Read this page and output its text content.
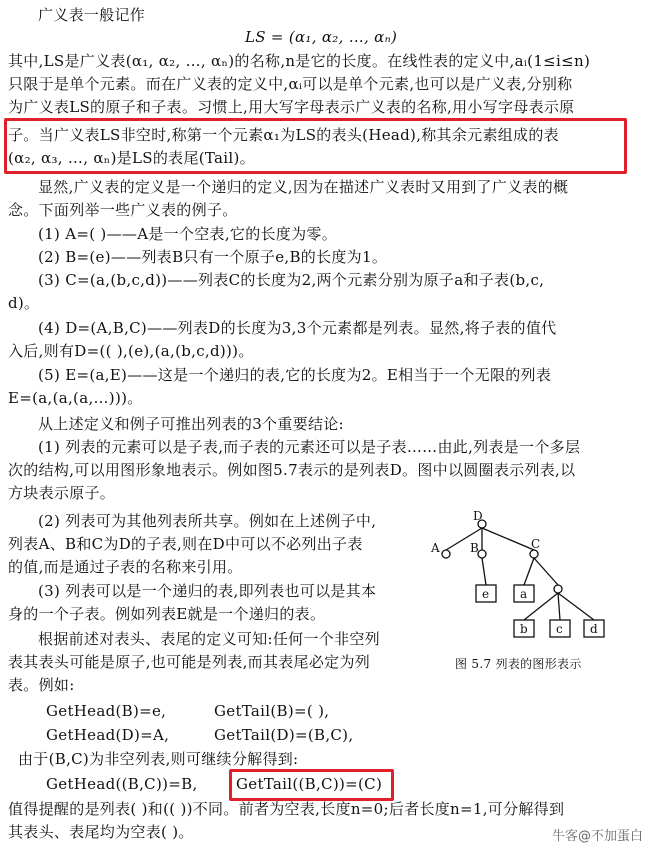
广义表一般记作
LS = (α₁, α₂, …, αₙ)
其中,LS是广义表(α₁, α₂, …, αₙ)的名称,n是它的长度。在线性表的定义中,aᵢ(1≤i≤n)
只限于是单个元素。而在广义表的定义中,αᵢ可以是单个元素,也可以是广义表,分别称
为广义表LS的原子和子表。习惯上,用大写字母表示广义表的名称,用小写字母表示原
子。当广义表LS非空时,称第一个元素α₁为LS的表头(Head),称其余元素组成的表
(α₂, α₃, …, αₙ)是LS的表尾(Tail)。
显然,广义表的定义是一个递归的定义,因为在描述广义表时又用到了广义表的概
念。下面列举一些广义表的例子。
(1) A=( )——A是一个空表,它的长度为零。
(2) B=(e)——列表B只有一个原子e,B的长度为1。
(3) C=(a,(b,c,d))——列表C的长度为2,两个元素分别为原子a和子表(b,c,
d)。
(4) D=(A,B,C)——列表D的长度为3,3个元素都是列表。显然,将子表的值代
入后,则有D=(( ),(e),(a,(b,c,d)))。
(5) E=(a,E)——这是一个递归的表,它的长度为2。E相当于一个无限的列表
E=(a,(a,(a,…)))。
从上述定义和例子可推出列表的3个重要结论:
(1) 列表的元素可以是子表,而子表的元素还可以是子表……由此,列表是一个多层
次的结构,可以用图形象地表示。例如图5.7表示的是列表D。图中以圆圈表示列表,以
方块表示原子。
(2) 列表可为其他列表所共享。例如在上述例子中,
列表A、B和C为D的子表,则在D中可以不必列出子表
的值,而是通过子表的名称来引用。
(3) 列表可以是一个递归的表,即列表也可以是其本
身的一个子表。例如列表E就是一个递归的表。
根据前述对表头、表尾的定义可知:任何一个非空列
表其表头可能是原子,也可能是列表,而其表尾必定为列
表。例如:
GetHead(B)=e,	GetTail(B)=( ),
GetHead(D)=A,	GetTail(D)=(B,C),
由于(B,C)为非空列表,则可继续分解得到:
GetHead((B,C))=B,	GetTail((B,C))=(C)
值得提醒的是列表( )和(( ))不同。前者为空表,长度n=0;后者长度n=1,可分解得到
其表头、表尾均为空表( )。
D
A	B	C
e	a
b c d
图 5.7 列表的图形表示
牛客@不加蛋白
